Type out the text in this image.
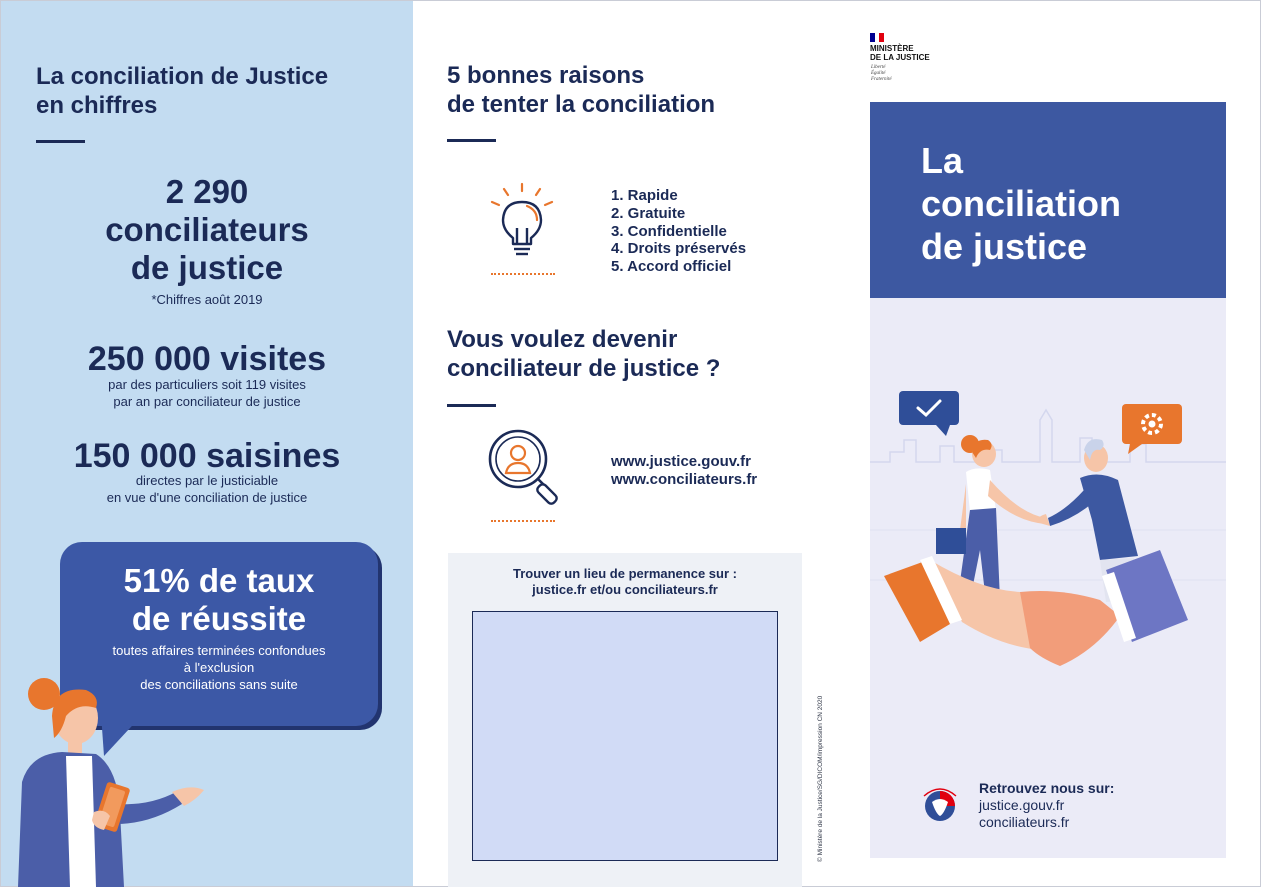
La conciliation de Justice
en chiffres
2 290
conciliateurs
de justice
*Chiffres août 2019
250 000 visites
par des particuliers soit 119 visites
par an par conciliateur de justice
150 000 saisines
directes par le justiciable
en vue d'une conciliation de justice
51% de taux
de réussite
toutes affaires terminées confondues
à l'exclusion
des conciliations sans suite
5 bonnes raisons
de tenter la conciliation
1. Rapide
2. Gratuite
3. Confidentielle
4. Droits préservés
5. Accord officiel
Vous voulez devenir
conciliateur de justice ?
www.justice.gouv.fr
www.conciliateurs.fr
Trouver un lieu de permanence sur :
justice.fr et/ou conciliateurs.fr
© Ministère de la Justice/SG/DICOM/impression CN 2020
MINISTÈRE
DE LA JUSTICE
Liberté
Égalité
Fraternité
La
conciliation
de justice
Retrouvez nous sur:
justice.gouv.fr
conciliateurs.fr
